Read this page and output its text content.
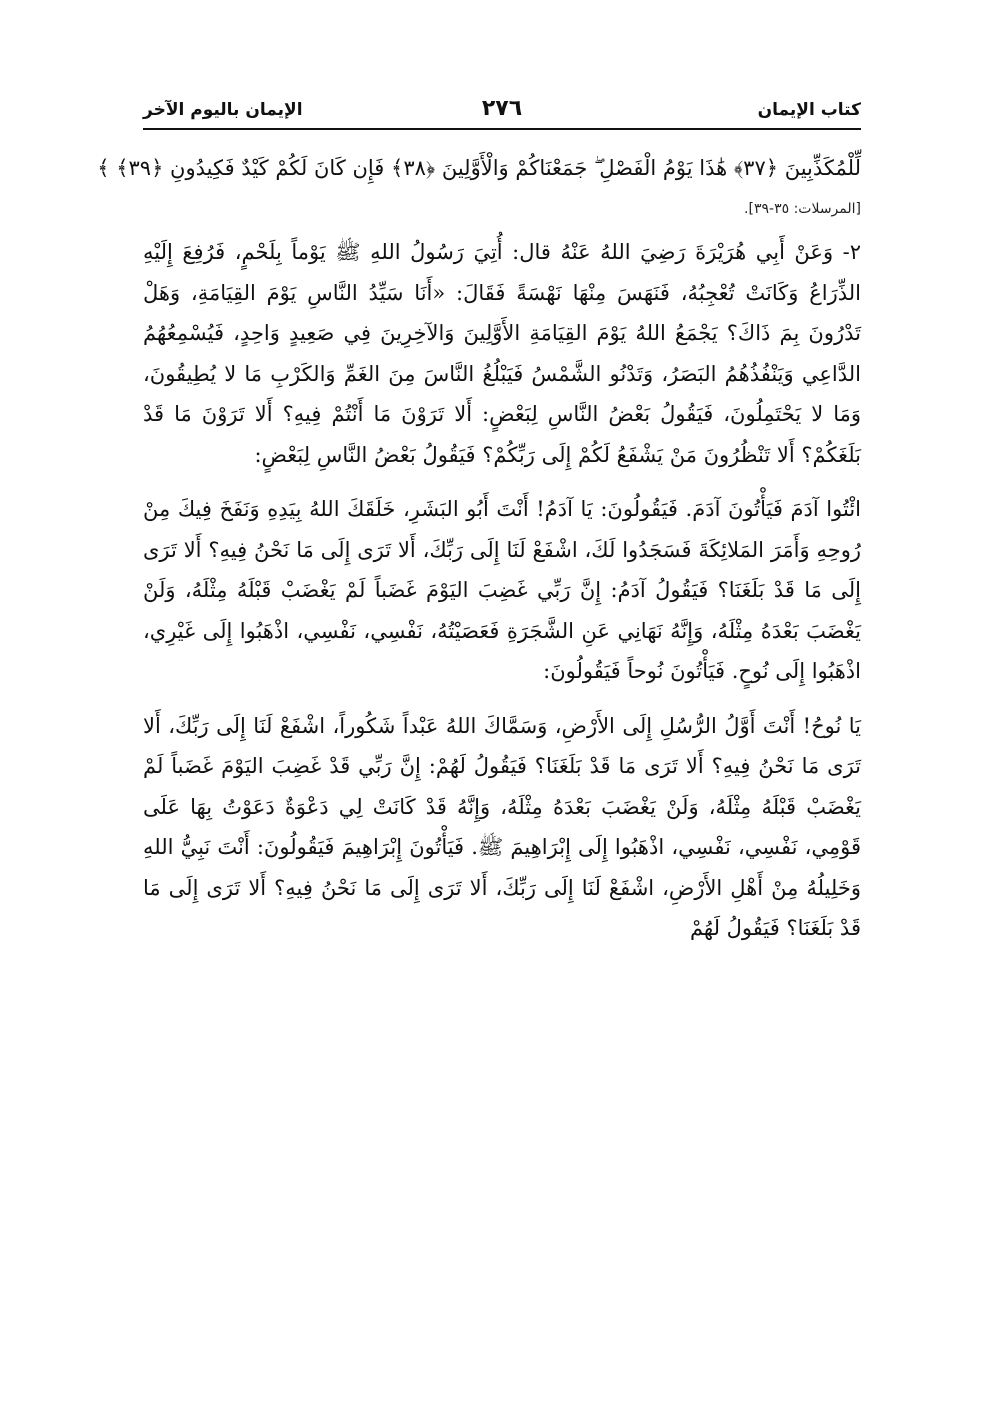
كتاب الإيمان
٢٧٦
الإيمان باليوم الآخر

لِّلْمُكَذِّبِينَ ﴿٣٧﴾ هَٰذَا يَوْمُ الْفَصْلِ ۖ جَمَعْنَاكُمْ وَالْأَوَّلِينَ ﴿٣٨﴾ فَإِن كَانَ لَكُمْ كَيْدٌ فَكِيدُونِ ﴿٣٩﴾ ﴾

[المرسلات: ٣٥-٣٩].

٢- وَعَنْ أَبِي هُرَيْرَةَ رَضِيَ اللهُ عَنْهُ قال: أُتِيَ رَسُولُ اللهِ ﷺ يَوْماً بِلَحْمٍ، فَرُفِعَ إِلَيْهِ الذِّرَاعُ وَكَانَتْ تُعْجِبُهُ، فَنَهَسَ مِنْهَا نَهْسَةً فَقَالَ: «أَنَا سَيِّدُ النَّاسِ يَوْمَ القِيَامَةِ، وَهَلْ تَدْرُونَ بِمَ ذَاكَ؟ يَجْمَعُ اللهُ يَوْمَ القِيَامَةِ الأَوَّلِينَ وَالآخِرِينَ فِي صَعِيدٍ وَاحِدٍ، فَيُسْمِعُهُمُ الدَّاعِي وَيَنْفُذُهُمُ البَصَرُ، وَتَدْنُو الشَّمْسُ فَيَبْلُغُ النَّاسَ مِنَ الغَمِّ وَالكَرْبِ مَا لا يُطِيقُونَ، وَمَا لا يَحْتَمِلُونَ، فَيَقُولُ بَعْضُ النَّاسِ لِبَعْضٍ: أَلا تَرَوْنَ مَا أَنْتُمْ فِيهِ؟ أَلا تَرَوْنَ مَا قَدْ بَلَغَكُمْ؟ أَلا تَنْظُرُونَ مَنْ يَشْفَعُ لَكُمْ إِلَى رَبِّكُمْ؟ فَيَقُولُ بَعْضُ النَّاسِ لِبَعْضٍ:

ائْتُوا آدَمَ فَيَأْتُونَ آدَمَ. فَيَقُولُونَ: يَا آدَمُ! أَنْتَ أَبُو البَشَرِ، خَلَقَكَ اللهُ بِيَدِهِ وَنَفَخَ فِيكَ مِنْ رُوحِهِ وَأَمَرَ المَلائِكَةَ فَسَجَدُوا لَكَ، اشْفَعْ لَنَا إِلَى رَبِّكَ، أَلا تَرَى إِلَى مَا نَحْنُ فِيهِ؟ أَلا تَرَى إِلَى مَا قَدْ بَلَغَنَا؟ فَيَقُولُ آدَمُ: إِنَّ رَبِّي غَضِبَ اليَوْمَ غَضَباً لَمْ يَغْضَبْ قَبْلَهُ مِثْلَهُ، وَلَنْ يَغْضَبَ بَعْدَهُ مِثْلَهُ، وَإِنَّهُ نَهَانِي عَنِ الشَّجَرَةِ فَعَصَيْتُهُ، نَفْسِي، نَفْسِي، اذْهَبُوا إِلَى غَيْرِي، اذْهَبُوا إِلَى نُوحٍ. فَيَأْتُونَ نُوحاً فَيَقُولُونَ:

يَا نُوحُ! أَنْتَ أَوَّلُ الرُّسُلِ إِلَى الأَرْضِ، وَسَمَّاكَ اللهُ عَبْداً شَكُوراً، اشْفَعْ لَنَا إِلَى رَبِّكَ، أَلا تَرَى مَا نَحْنُ فِيهِ؟ أَلا تَرَى مَا قَدْ بَلَغَنَا؟ فَيَقُولُ لَهُمْ: إِنَّ رَبِّي قَدْ غَضِبَ اليَوْمَ غَضَباً لَمْ يَغْضَبْ قَبْلَهُ مِثْلَهُ، وَلَنْ يَغْضَبَ بَعْدَهُ مِثْلَهُ، وَإِنَّهُ قَدْ كَانَتْ لِي دَعْوَةٌ دَعَوْتُ بِهَا عَلَى قَوْمِي، نَفْسِي، نَفْسِي، اذْهَبُوا إِلَى إِبْرَاهِيمَ ﷺ. فَيَأْتُونَ إِبْرَاهِيمَ فَيَقُولُونَ: أَنْتَ نَبِيُّ اللهِ وَخَلِيلُهُ مِنْ أَهْلِ الأَرْضِ، اشْفَعْ لَنَا إِلَى رَبِّكَ، أَلا تَرَى إِلَى مَا نَحْنُ فِيهِ؟ أَلا تَرَى إِلَى مَا قَدْ بَلَغَنَا؟ فَيَقُولُ لَهُمْ
